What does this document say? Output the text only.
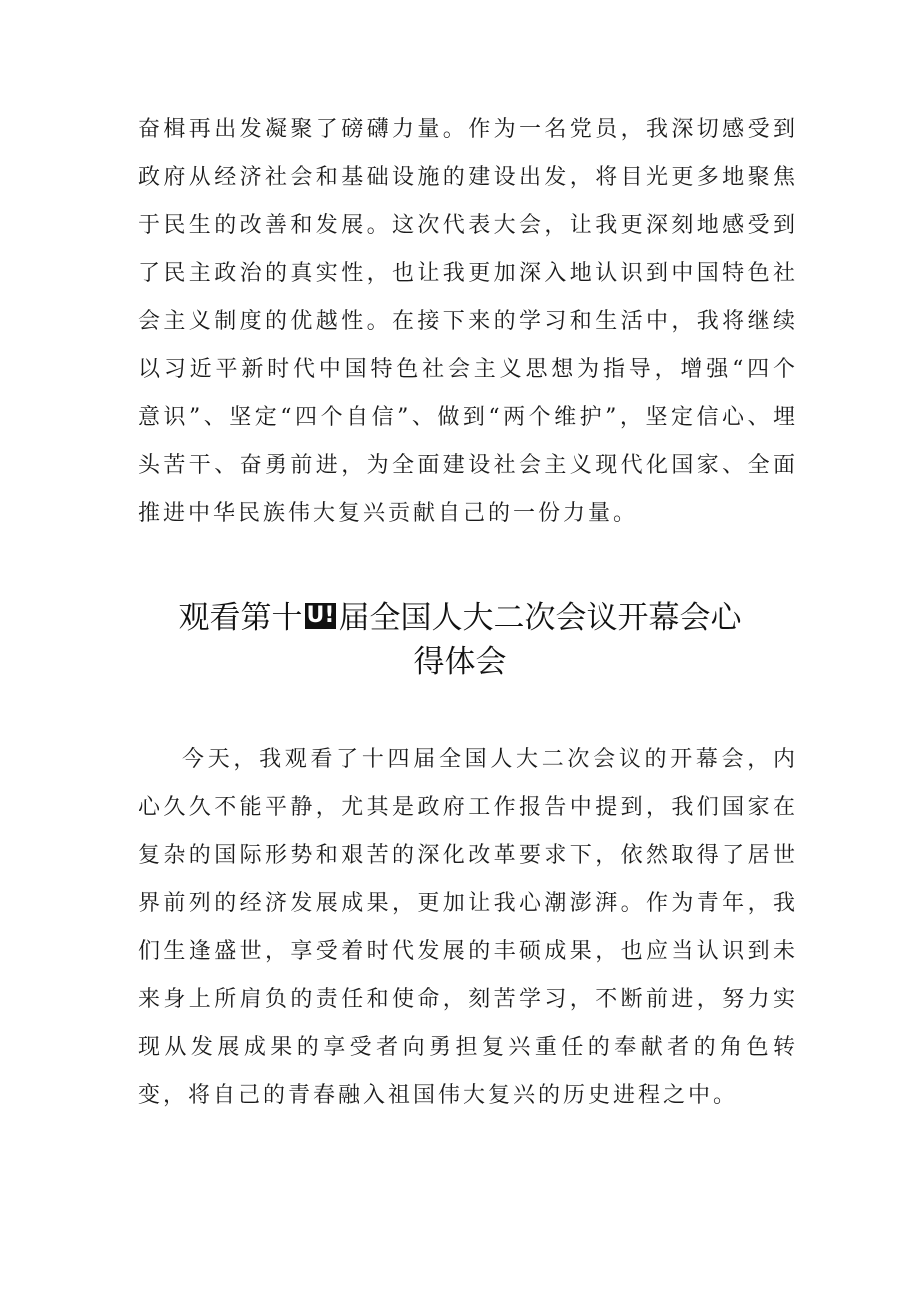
奋楫再出发凝聚了磅礴力量。作为一名党员，我深切感受到政府从经济社会和基础设施的建设出发，将目光更多地聚焦于民生的改善和发展。这次代表大会，让我更深刻地感受到了民主政治的真实性，也让我更加深入地认识到中国特色社会主义制度的优越性。在接下来的学习和生活中，我将继续以习近平新时代中国特色社会主义思想为指导，增强“四个意识”、坚定“四个自信”、做到“两个维护”，坚定信心、埋头苦干、奋勇前进，为全面建设社会主义现代化国家、全面推进中华民族伟大复兴贡献自己的一份力量。

观看第十 U! 届全国人大二次会议开幕会心
得体会

今天，我观看了十四届全国人大二次会议的开幕会，内心久久不能平静，尤其是政府工作报告中提到，我们国家在复杂的国际形势和艰苦的深化改革要求下，依然取得了居世界前列的经济发展成果，更加让我心潮澎湃。作为青年，我们生逢盛世，享受着时代发展的丰硕成果，也应当认识到未来身上所肩负的责任和使命，刻苦学习，不断前进，努力实现从发展成果的享受者向勇担复兴重任的奉献者的角色转变，将自己的青春融入祖国伟大复兴的历史进程之中。
